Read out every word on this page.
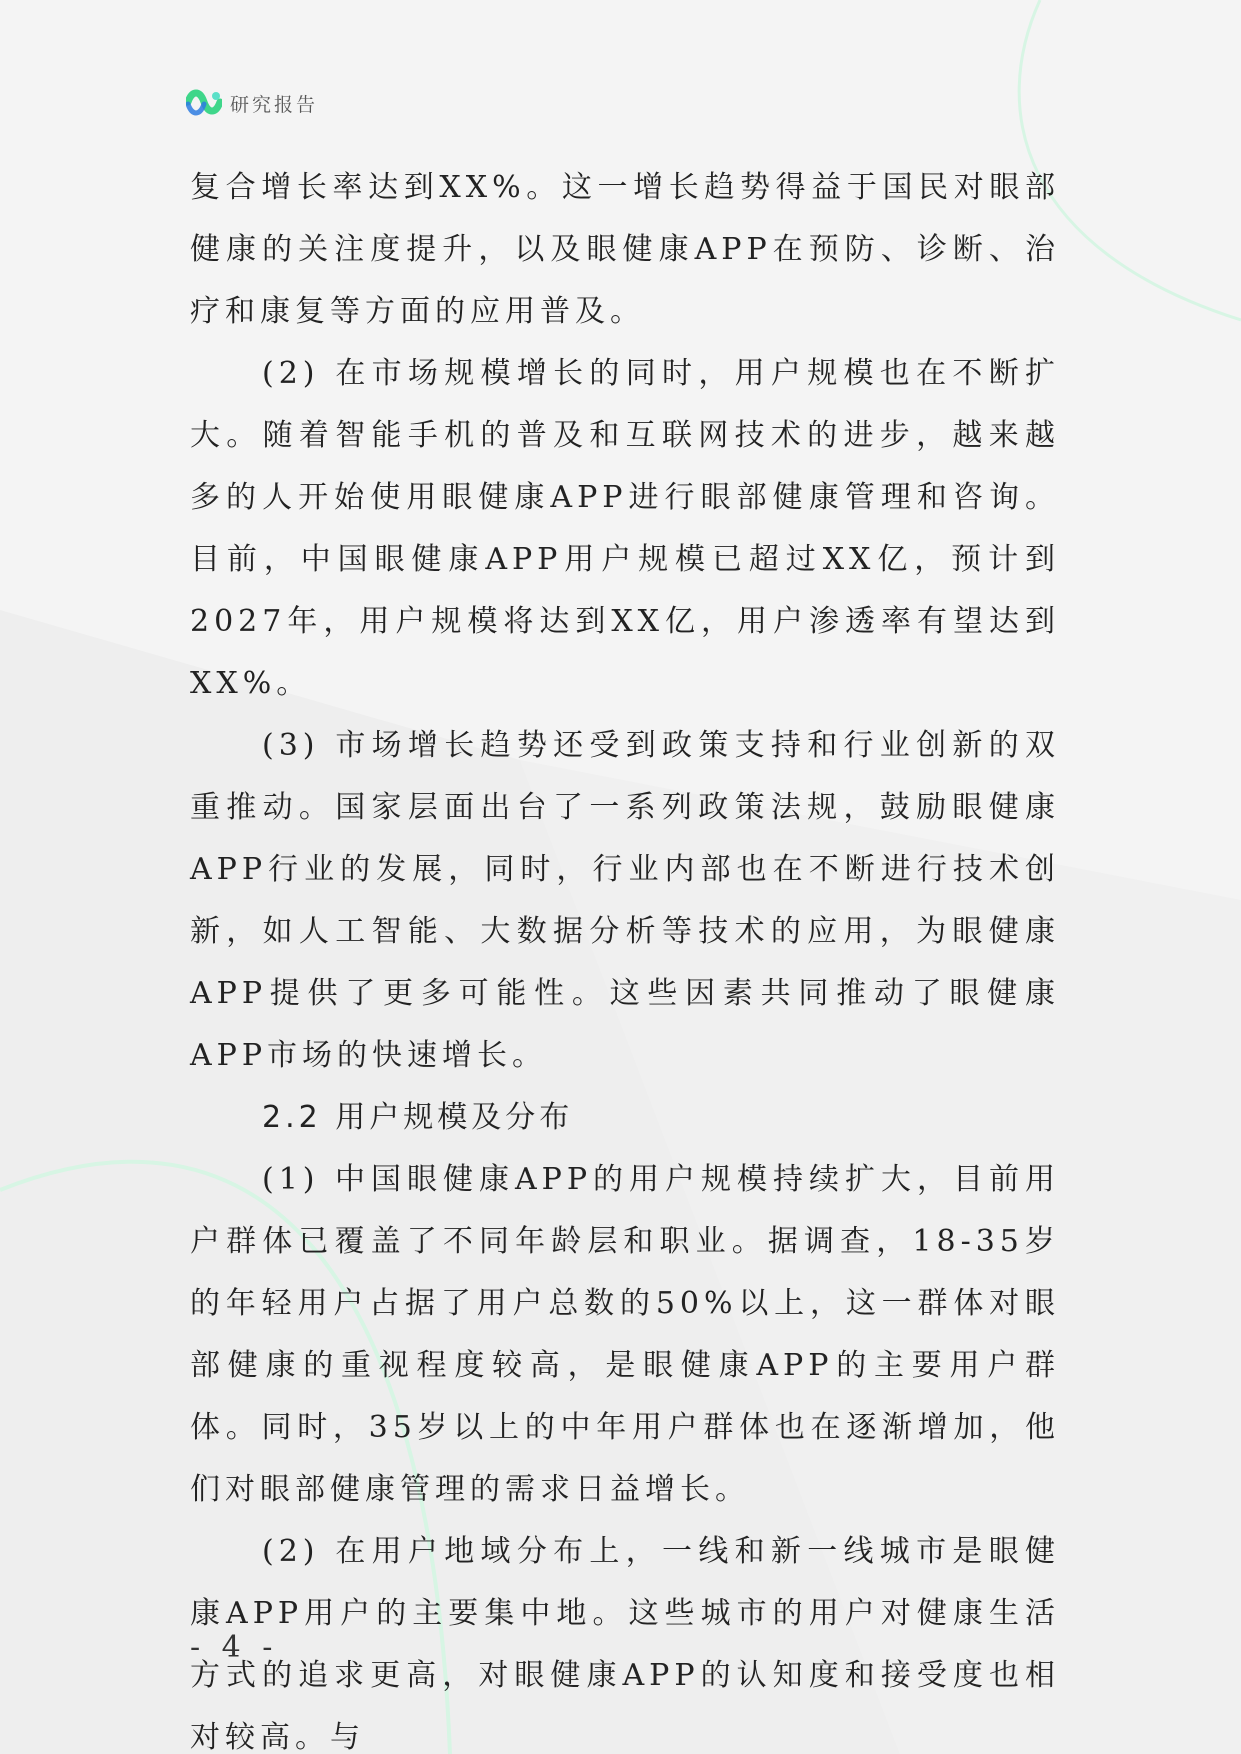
研究报告

复合增长率达到XX%。这一增长趋势得益于国民对眼部健康的关注度提升，以及眼健康APP在预防、诊断、治疗和康复等方面的应用普及。

(2) 在市场规模增长的同时，用户规模也在不断扩大。随着智能手机的普及和互联网技术的进步，越来越多的人开始使用眼健康APP进行眼部健康管理和咨询。目前，中国眼健康APP用户规模已超过XX亿，预计到2027年，用户规模将达到XX亿，用户渗透率有望达到XX%。

(3) 市场增长趋势还受到政策支持和行业创新的双重推动。国家层面出台了一系列政策法规，鼓励眼健康APP行业的发展，同时，行业内部也在不断进行技术创新，如人工智能、大数据分析等技术的应用，为眼健康APP提供了更多可能性。这些因素共同推动了眼健康APP市场的快速增长。

2.2 用户规模及分布

(1) 中国眼健康APP的用户规模持续扩大，目前用户群体已覆盖了不同年龄层和职业。据调查，18-35岁的年轻用户占据了用户总数的50%以上，这一群体对眼部健康的重视程度较高，是眼健康APP的主要用户群体。同时，35岁以上的中年用户群体也在逐渐增加，他们对眼部健康管理的需求日益增长。

(2) 在用户地域分布上，一线和新一线城市是眼健康APP用户的主要集中地。这些城市的用户对健康生活方式的追求更高，对眼健康APP的认知度和接受度也相对较高。与

- 4 -
